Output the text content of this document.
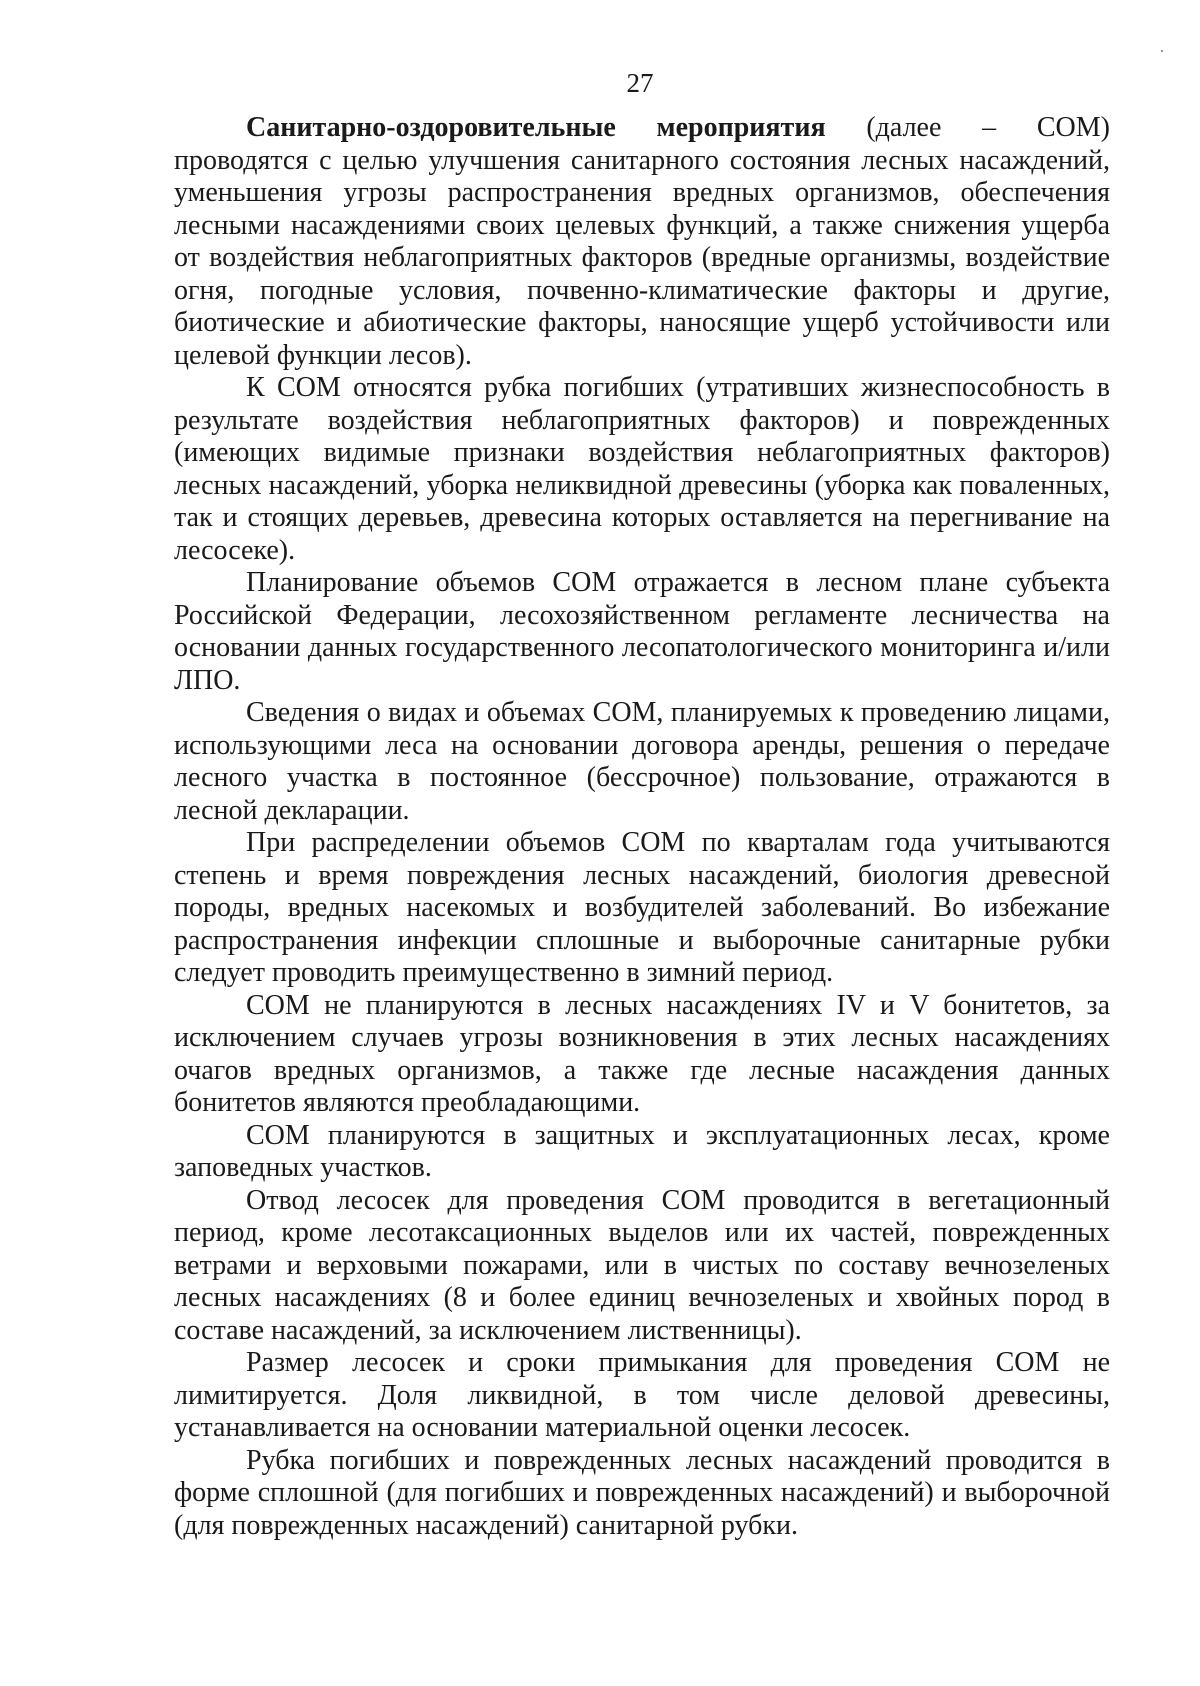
27

Санитарно-оздоровительные мероприятия (далее – СОМ) проводятся с целью улучшения санитарного состояния лесных насаждений, уменьшения угрозы распространения вредных организмов, обеспечения лесными насаждениями своих целевых функций, а также снижения ущерба от воздействия неблагоприятных факторов (вредные организмы, воздействие огня, погодные условия, почвенно-климатические факторы и другие, биотические и абиотические факторы, наносящие ущерб устойчивости или целевой функции лесов).

К СОМ относятся рубка погибших (утративших жизнеспособность в результате воздействия неблагоприятных факторов) и поврежденных (имеющих видимые признаки воздействия неблагоприятных факторов) лесных насаждений, уборка неликвидной древесины (уборка как поваленных, так и стоящих деревьев, древесина которых оставляется на перегнивание на лесосеке).

Планирование объемов СОМ отражается в лесном плане субъекта Российской Федерации, лесохозяйственном регламенте лесничества на основании данных государственного лесопатологического мониторинга и/или ЛПО.

Сведения о видах и объемах СОМ, планируемых к проведению лицами, использующими леса на основании договора аренды, решения о передаче лесного участка в постоянное (бессрочное) пользование, отражаются в лесной декларации.

При распределении объемов СОМ по кварталам года учитываются степень и время повреждения лесных насаждений, биология древесной породы, вредных насекомых и возбудителей заболеваний. Во избежание распространения инфекции сплошные и выборочные санитарные рубки следует проводить преимущественно в зимний период.

СОМ не планируются в лесных насаждениях IV и V бонитетов, за исключением случаев угрозы возникновения в этих лесных насаждениях очагов вредных организмов, а также где лесные насаждения данных бонитетов являются преобладающими.

СОМ планируются в защитных и эксплуатационных лесах, кроме заповедных участков.

Отвод лесосек для проведения СОМ проводится в вегетационный период, кроме лесотаксационных выделов или их частей, поврежденных ветрами и верховыми пожарами, или в чистых по составу вечнозеленых лесных насаждениях (8 и более единиц вечнозеленых и хвойных пород в составе насаждений, за исключением лиственницы).

Размер лесосек и сроки примыкания для проведения СОМ не лимитируется. Доля ликвидной, в том числе деловой древесины, устанавливается на основании материальной оценки лесосек.

Рубка погибших и поврежденных лесных насаждений проводится в форме сплошной (для погибших и поврежденных насаждений) и выборочной (для поврежденных насаждений) санитарной рубки.
